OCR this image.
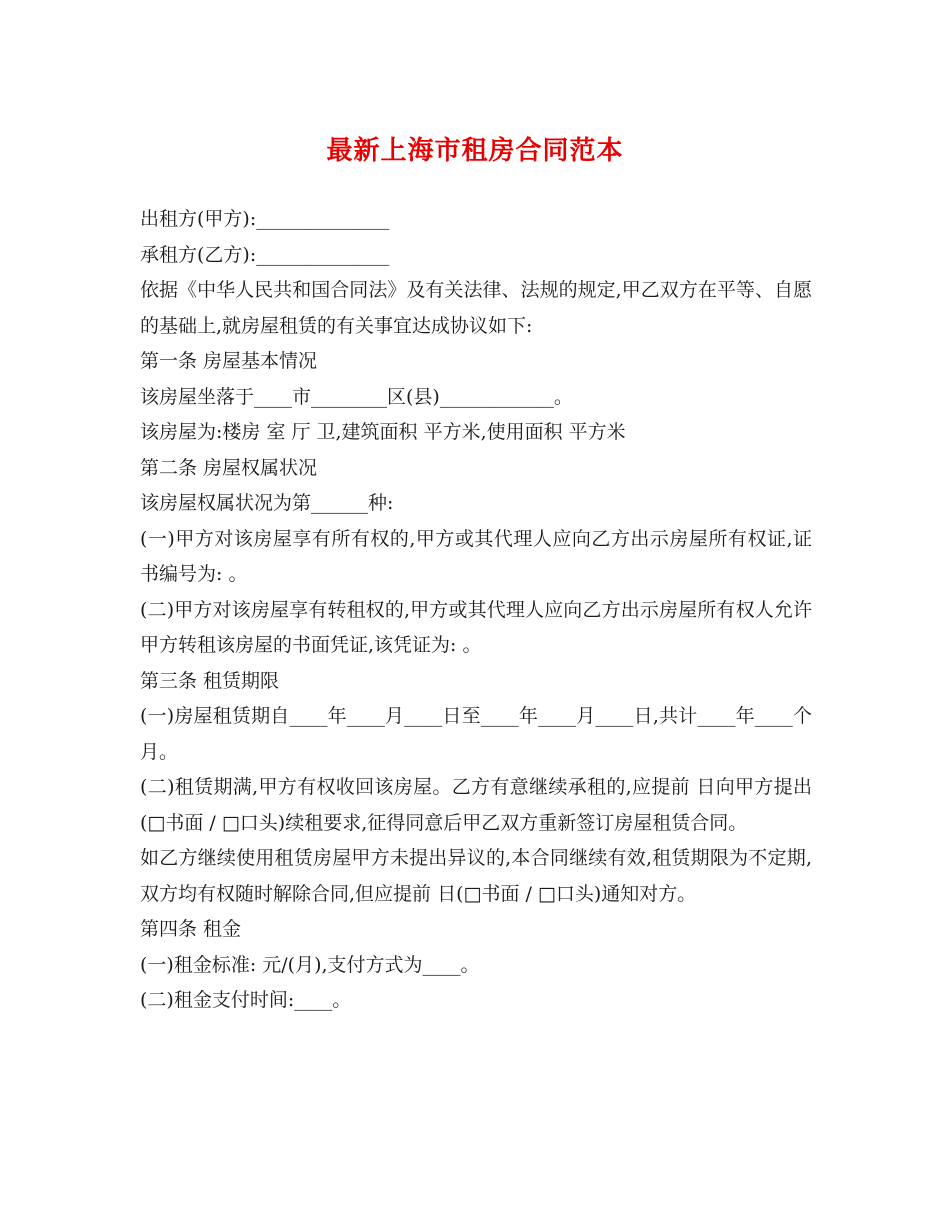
最新上海市租房合同范本

出租方(甲方):______________

承租方(乙方):______________

依据《中华人民共和国合同法》及有关法律、法规的规定,甲乙双方在平等、自愿的基础上,就房屋租赁的有关事宜达成协议如下:

第一条 房屋基本情况

该房屋坐落于____市________区(县)____________。

该房屋为:楼房 室 厅 卫,建筑面积 平方米,使用面积 平方米

第二条 房屋权属状况

该房屋权属状况为第______种:

(一)甲方对该房屋享有所有权的,甲方或其代理人应向乙方出示房屋所有权证,证书编号为: 。

(二)甲方对该房屋享有转租权的,甲方或其代理人应向乙方出示房屋所有权人允许甲方转租该房屋的书面凭证,该凭证为: 。

第三条 租赁期限

(一)房屋租赁期自____年____月____日至____年____月____日,共计____年____个月。

(二)租赁期满,甲方有权收回该房屋。乙方有意继续承租的,应提前 日向甲方提出(□书面 / □口头)续租要求,征得同意后甲乙双方重新签订房屋租赁合同。

如乙方继续使用租赁房屋甲方未提出异议的,本合同继续有效,租赁期限为不定期,双方均有权随时解除合同,但应提前 日(□书面 / □口头)通知对方。

第四条 租金

(一)租金标准: 元/(月),支付方式为____。

(二)租金支付时间:____。
